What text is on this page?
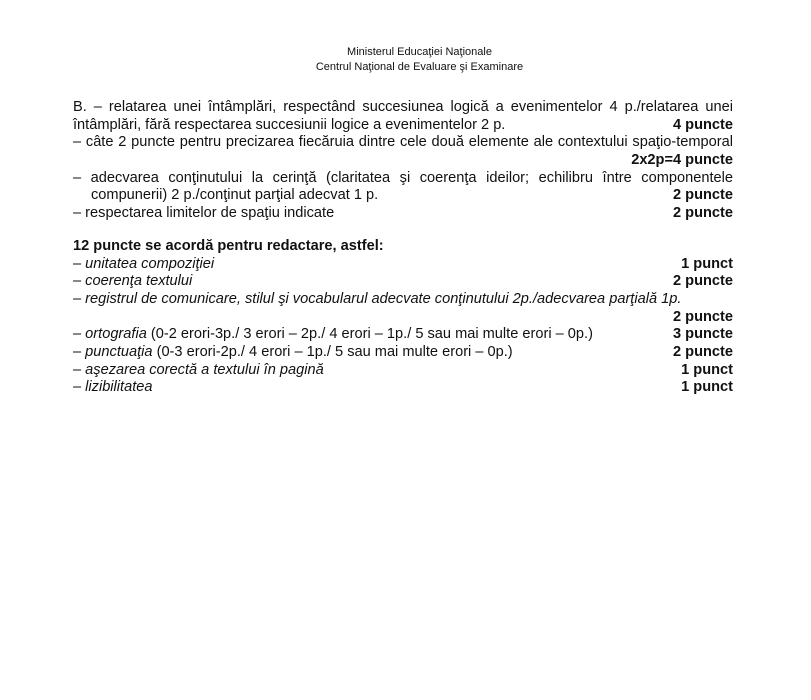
Ministerul Educaţiei Naţionale
Centrul Naţional de Evaluare şi Examinare
B. – relatarea unei întâmplări, respectând succesiunea logică a evenimentelor 4 p./relatarea unei
întâmplări, fără respectarea succesiunii logice a evenimentelor 2 p.	4 puncte
– câte 2 puncte pentru precizarea fiecăruia dintre cele două elemente ale contextului spaţio-temporal
2x2p=4 puncte
– adecvarea conţinutului la cerinţă (claritatea şi coerenţa ideilor; echilibru între componentele
compunerii) 2 p./conţinut parţial adecvat 1 p.	2 puncte
– respectarea limitelor de spaţiu indicate	2 puncte
12 puncte se acordă pentru redactare, astfel:
– unitatea compoziţiei	1 punct
– coerenţa textului	2 puncte
– registrul de comunicare, stilul şi vocabularul adecvate conţinutului 2p./adecvarea parţială 1p.
2 puncte
– ortografia (0-2 erori-3p./ 3 erori – 2p./ 4 erori – 1p./ 5 sau mai multe erori – 0p.)	3 puncte
– punctuaţia (0-3 erori-2p./ 4 erori – 1p./ 5 sau mai multe erori – 0p.)	2 puncte
– aşezarea corectă a textului în pagină	1 punct
– lizibilitatea	1 punct
